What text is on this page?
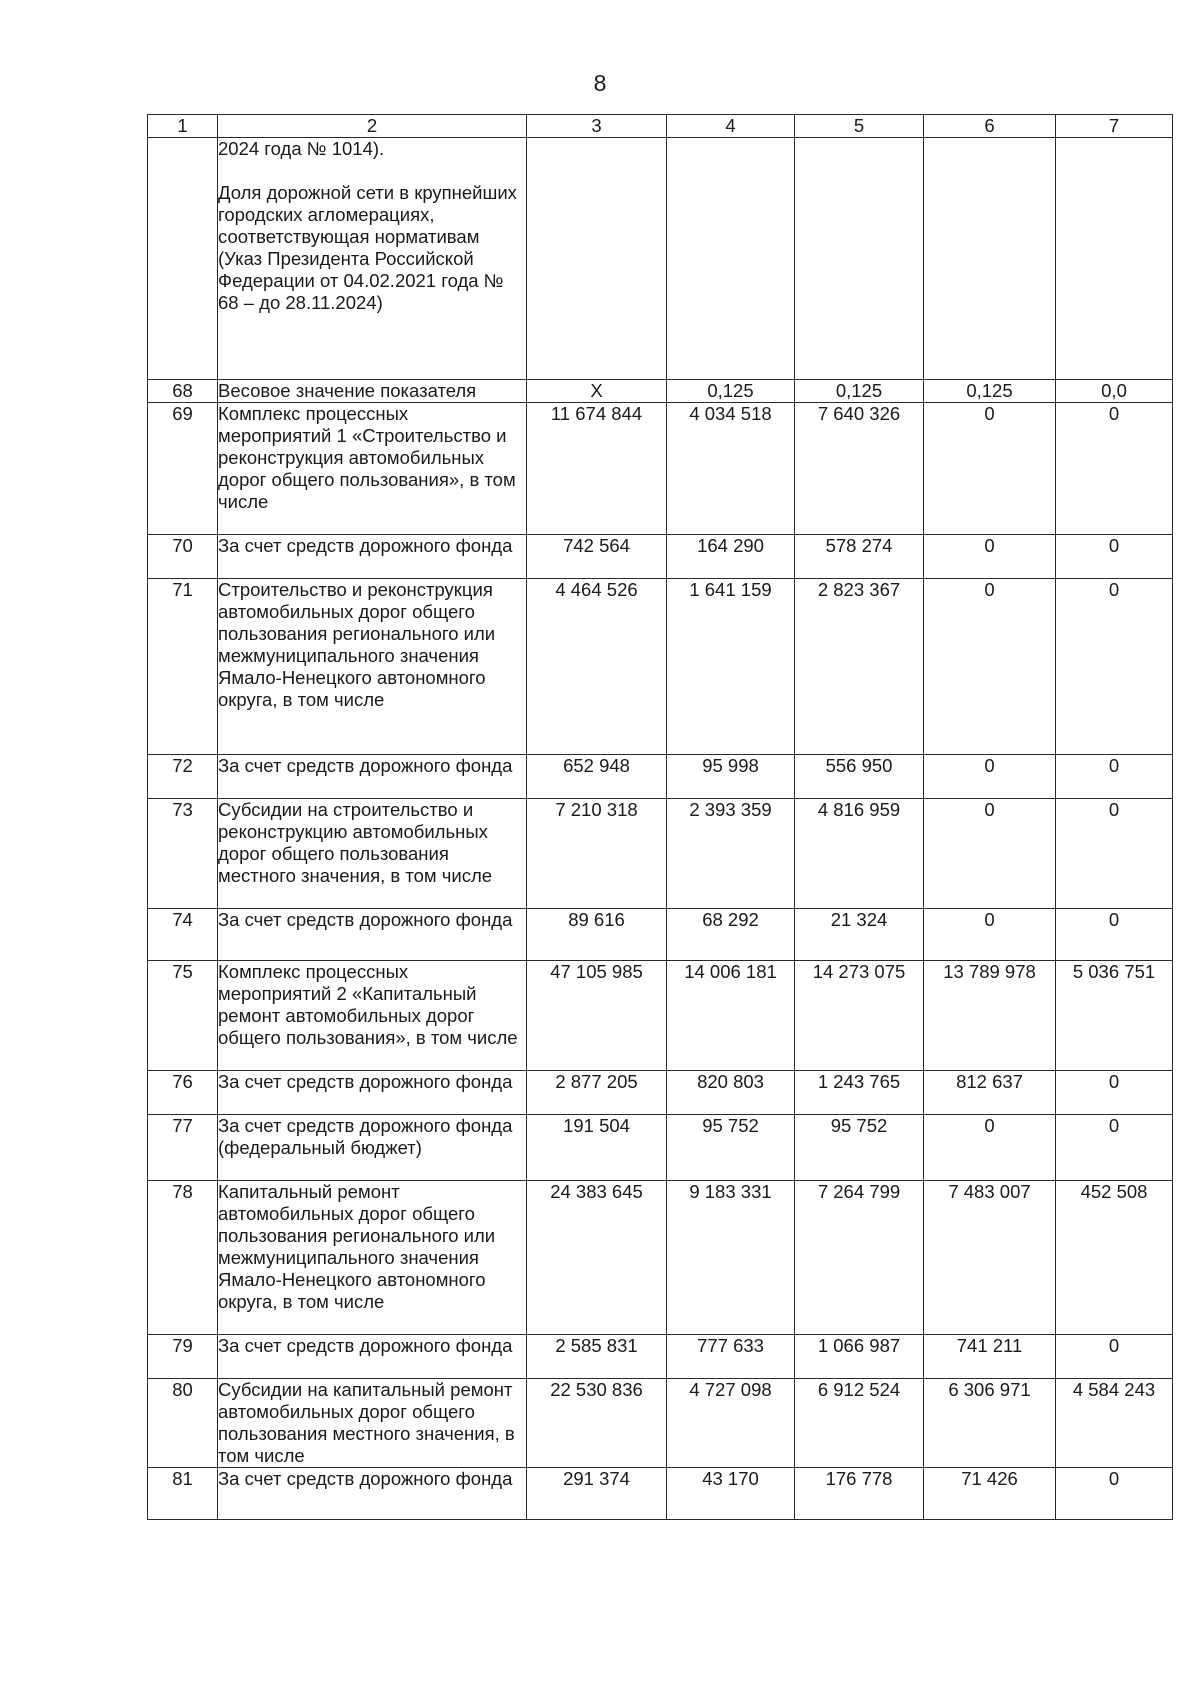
8
1	2	3	4	5	6	7
	2024 года № 1014).

Доля дорожной сети в крупнейших городских агломерациях, соответствующая нормативам (Указ Президента Российской Федерации от 04.02.2021 года № 68 – до 28.11.2024)					
68	Весовое значение показателя	X	0,125	0,125	0,125	0,0
69	Комплекс процессных мероприятий 1 «Строительство и реконструкция автомобильных дорог общего пользования», в том числе	11 674 844	4 034 518	7 640 326	0	0
70	За счет средств дорожного фонда	742 564	164 290	578 274	0	0
71	Строительство и реконструкция автомобильных дорог общего пользования регионального или межмуниципального значения Ямало-Ненецкого автономного округа, в том числе	4 464 526	1 641 159	2 823 367	0	0
72	За счет средств дорожного фонда	652 948	95 998	556 950	0	0
73	Субсидии на строительство и реконструкцию автомобильных дорог общего пользования местного значения, в том числе	7 210 318	2 393 359	4 816 959	0	0
74	За счет средств дорожного фонда	89 616	68 292	21 324	0	0
75	Комплекс процессных мероприятий 2 «Капитальный ремонт автомобильных дорог общего пользования», в том числе	47 105 985	14 006 181	14 273 075	13 789 978	5 036 751
76	За счет средств дорожного фонда	2 877 205	820 803	1 243 765	812 637	0
77	За счет средств дорожного фонда (федеральный бюджет)	191 504	95 752	95 752	0	0
78	Капитальный ремонт автомобильных дорог общего пользования регионального или межмуниципального значения Ямало-Ненецкого автономного округа, в том числе	24 383 645	9 183 331	7 264 799	7 483 007	452 508
79	За счет средств дорожного фонда	2 585 831	777 633	1 066 987	741 211	0
80	Субсидии на капитальный ремонт автомобильных дорог общего пользования местного значения, в том числе	22 530 836	4 727 098	6 912 524	6 306 971	4 584 243
81	За счет средств дорожного фонда	291 374	43 170	176 778	71 426	0
